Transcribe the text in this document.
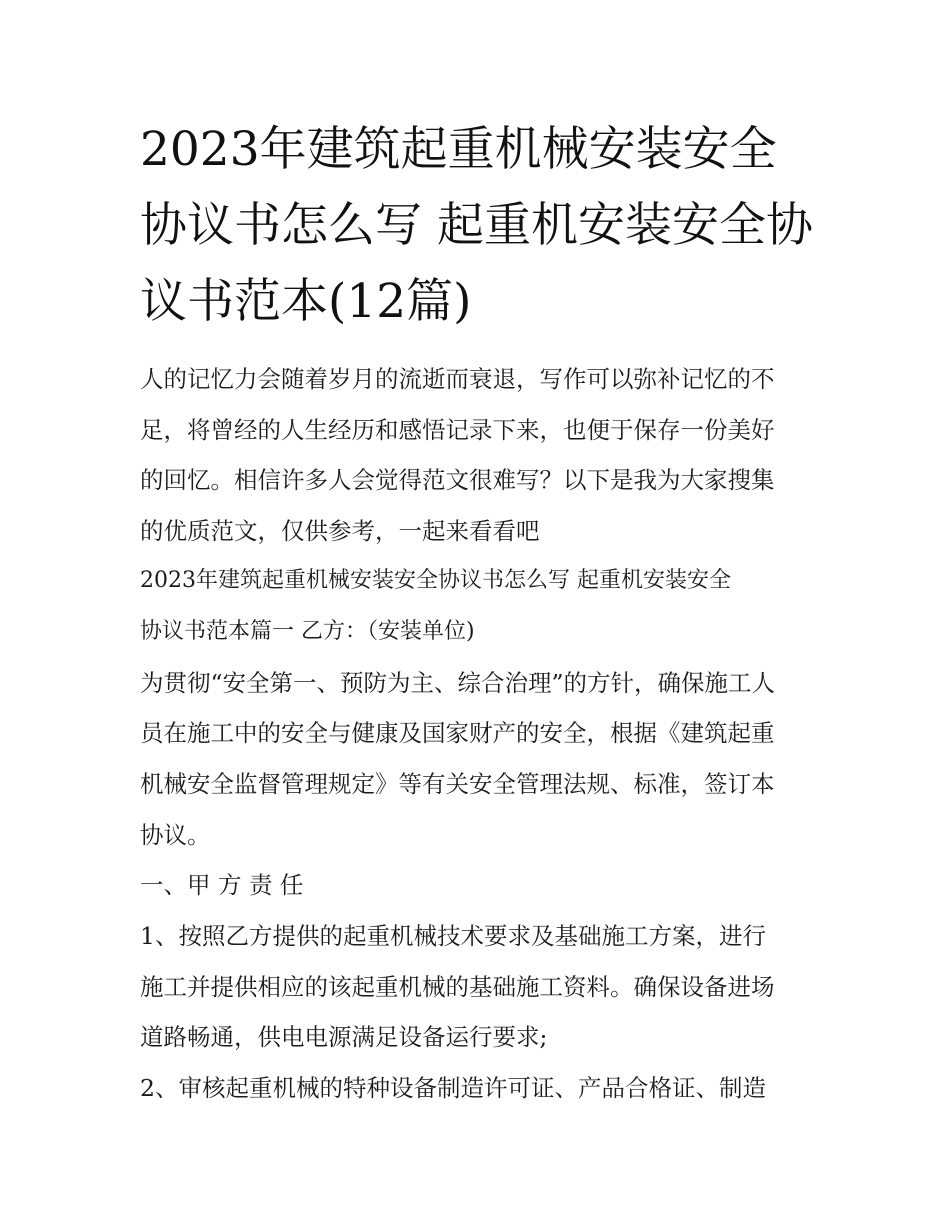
2023年建筑起重机械安装安全协议书怎么写 起重机安装安全协议书范本(12篇)

人的记忆力会随着岁月的流逝而衰退，写作可以弥补记忆的不

足，将曾经的人生经历和感悟记录下来，也便于保存一份美好

的回忆。相信许多人会觉得范文很难写？以下是我为大家搜集

的优质范文，仅供参考，一起来看看吧

2023年建筑起重机械安装安全协议书怎么写 起重机安装安全

协议书范本篇一 乙方：（安装单位)

为贯彻“安全第一、预防为主、综合治理”的方针，确保施工人

员在施工中的安全与健康及国家财产的安全，根据《建筑起重

机械安全监督管理规定》等有关安全管理法规、标准，签订本

协议。

一、甲 方 责 任

1、按照乙方提供的起重机械技术要求及基础施工方案，进行

施工并提供相应的该起重机械的基础施工资料。确保设备进场

道路畅通，供电电源满足设备运行要求;

2、审核起重机械的特种设备制造许可证、产品合格证、制造
